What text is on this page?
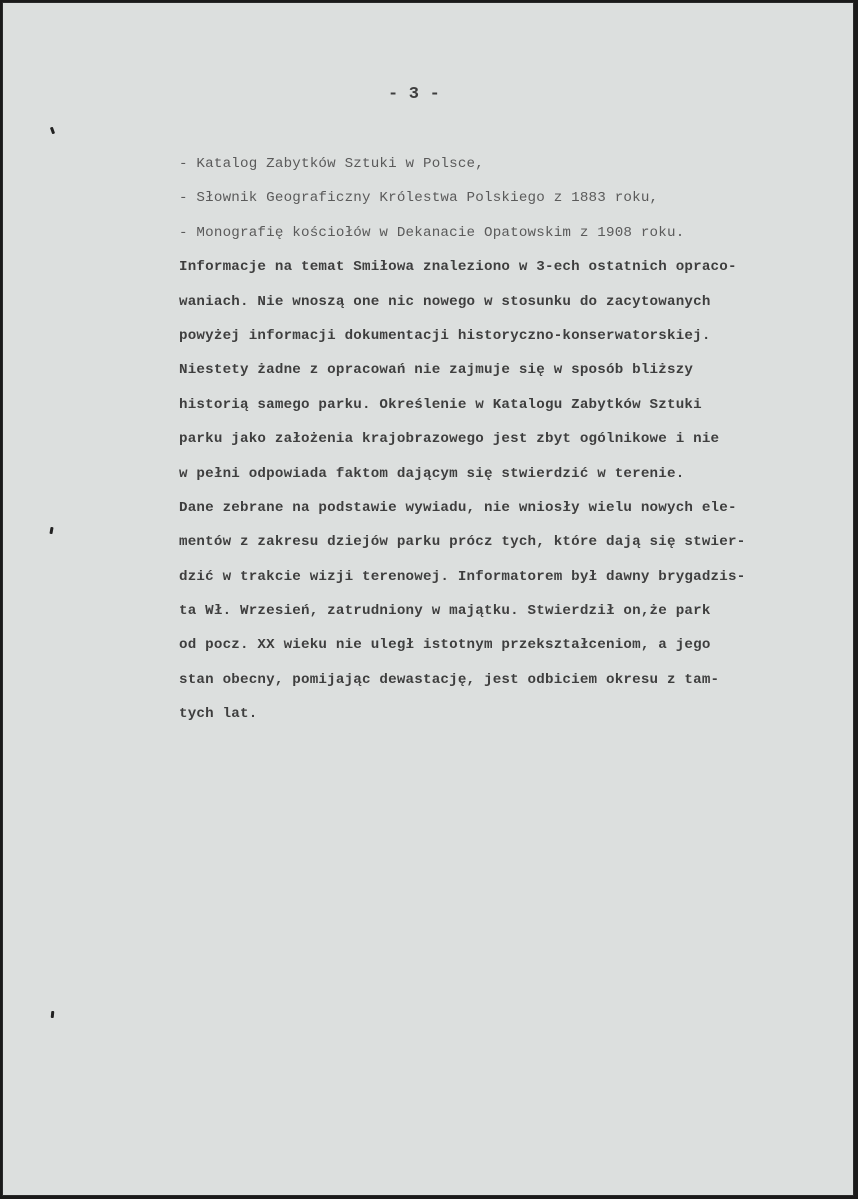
- 3 -
- Katalog Zabytków Sztuki w Polsce,
- Słownik Geograficzny Królestwa Polskiego z 1883 roku,
- Monografię kościołów w Dekanacie Opatowskim z 1908 roku.
Informacje na temat Smiłowa znaleziono w 3-ech ostatnich opraco-
waniach. Nie wnoszą one nic nowego w stosunku do zacytowanych
powyżej informacji dokumentacji historyczno-konserwatorskiej.
Niestety żadne z opracowań nie zajmuje się w sposób bliższy
historią samego parku. Określenie w Katalogu Zabytków Sztuki
parku jako założenia krajobrazowego jest zbyt ogólnikowe i nie
w pełni odpowiada faktom dającym się stwierdzić w terenie.
Dane zebrane na podstawie wywiadu, nie wniosły wielu nowych ele-
mentów z zakresu dziejów parku prócz tych, które dają się stwier-
dzić w trakcie wizji terenowej. Informatorem był dawny brygadzis-
ta Wł. Wrzesień, zatrudniony w majątku. Stwierdził on,że park
od pocz. XX wieku nie uległ istotnym przekształceniom, a jego
stan obecny, pomijając dewastację, jest odbiciem okresu z tam-
tych lat.
